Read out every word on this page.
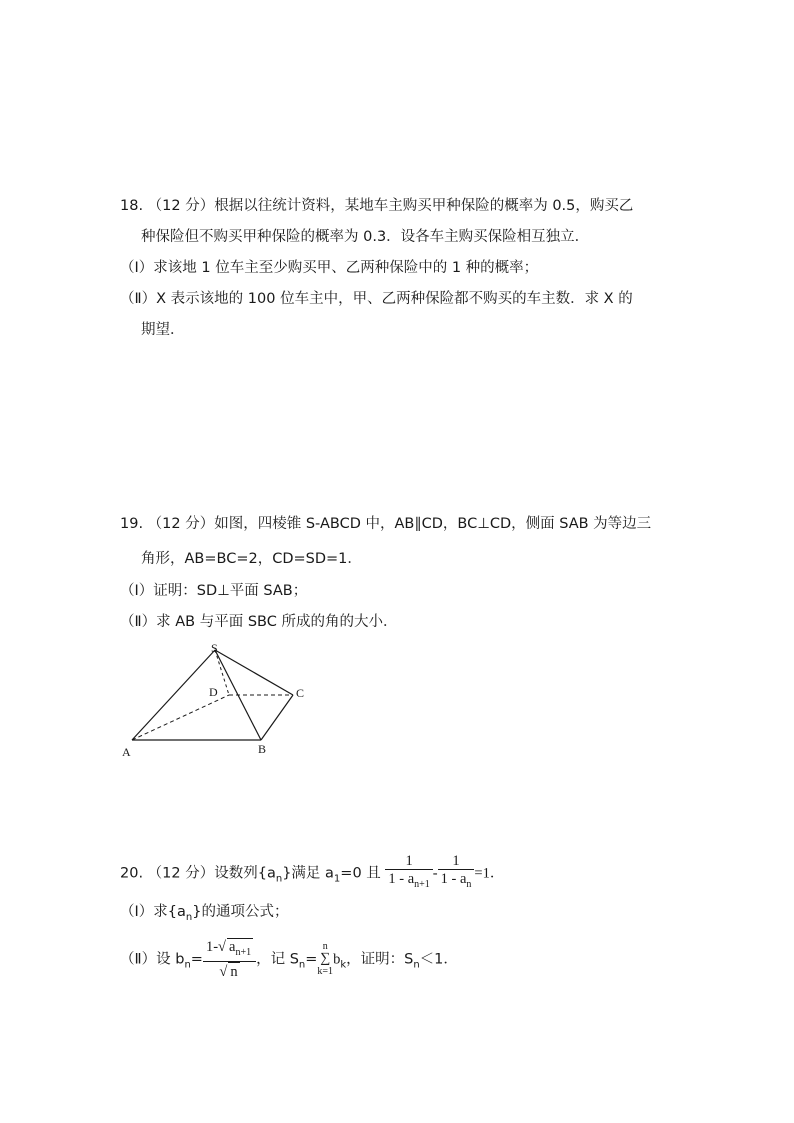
18. （12 分）根据以往统计资料，某地车主购买甲种保险的概率为 0.5，购买乙
种保险但不购买甲种保险的概率为 0.3．设各车主购买保险相互独立．
（Ⅰ）求该地 1 位车主至少购买甲、乙两种保险中的 1 种的概率；
（Ⅱ）X 表示该地的 100 位车主中，甲、乙两种保险都不购买的车主数．求 X 的
期望．
19. （12 分）如图，四棱锥 S-ABCD 中，AB∥CD，BC⊥CD，侧面 SAB 为等边三
角形，AB=BC=2，CD=SD=1．
（Ⅰ）证明：SD⊥平面 SAB；
（Ⅱ）求 AB 与平面 SBC 所成的角的大小．
S
D	C
A	B
20. （12 分）设数列$\{a_n\}$满足 $a_1=0$ 且 $\frac{1}{1 - a_{n+1}} - \frac{1}{1 - a_n} =1$．
（Ⅰ）求$\{a_n\}$的通项公式；
（Ⅱ）设 $b_n= \frac{1-√ a_{n+1}}{√ n}$ ，记 $S_n=$
n
∑
k=1
$b_k$，证明：$S_n<1$．
